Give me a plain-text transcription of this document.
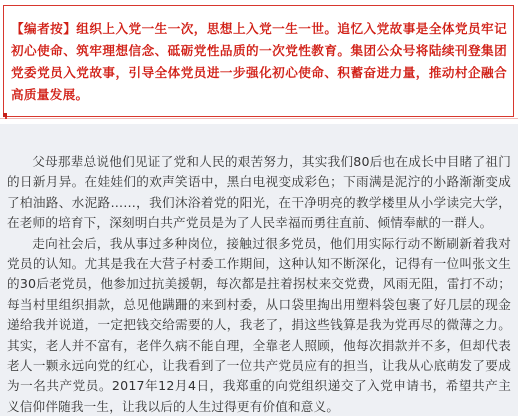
【编者按】组织上入党一生一次，思想上入党一生一世。追忆入党故事是全体党员牢记初心使命、筑牢理想信念、砥砺党性品质的一次党性教育。集团公众号将陆续刊登集团党委党员入党故事，引导全体党员进一步强化初心使命、积蓄奋进力量，推动村企融合高质量发展。

父母那辈总说他们见证了党和人民的艰苦努力，其实我们80后也在成长中目睹了祖门的日新月异。在娃娃们的欢声笑语中，黑白电视变成彩色；下雨满是泥泞的小路渐渐变成了柏油路、水泥路……，我们沐浴着党的阳光，在干净明亮的教学楼里从小学读完大学，在老师的培育下，深刻明白共产党员是为了人民幸福而勇往直前、倾情奉献的一群人。

走向社会后，我从事过多种岗位，接触过很多党员，他们用实际行动不断刷新着我对党员的认知。尤其是我在大营子村委工作期间，这种认知不断深化，记得有一位叫张文生的30后老党员，他参加过抗美援朝，每次都是拄着拐杖来交党费，风雨无阻，雷打不动；每当村里组织捐款，总见他蹒跚的来到村委，从口袋里掏出用塑料袋包裹了好几层的现金递给我并说道，一定把钱交给需要的人，我老了，捐这些钱算是我为党再尽的微薄之力。其实，老人并不富有，老伴久病不能自理，全靠老人照顾，他每次捐款并不多，但却代表老人一颗永远向党的红心，让我看到了一位共产党员应有的担当，让我从心底萌发了要成为一名共产党员。2017年12月4日，我郑重的向党组织递交了入党申请书，希望共产主义信仰伴随我一生，让我以后的人生过得更有价值和意义。
